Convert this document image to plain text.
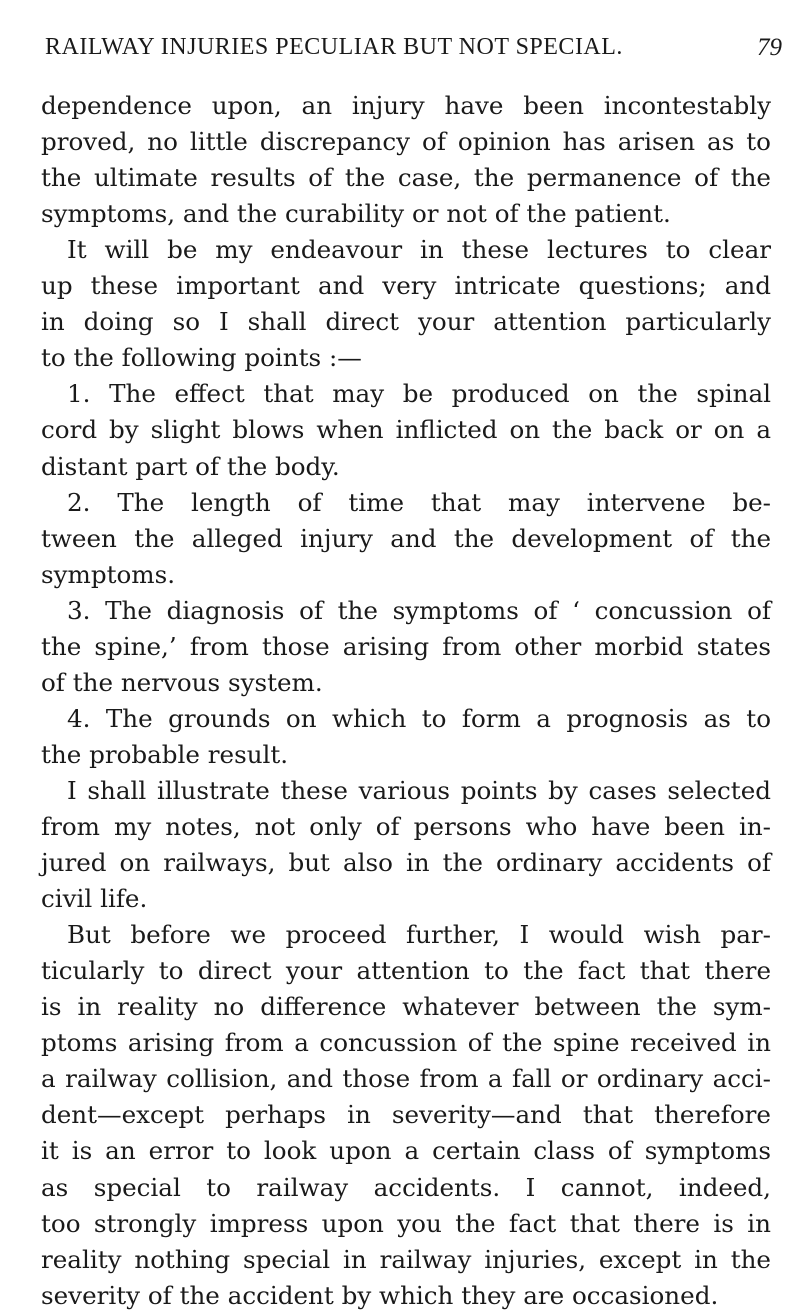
RAILWAY INJURIES PECULIAR BUT NOT SPECIAL.	79
dependence upon, an injury have been incontestably
proved, no little discrepancy of opinion has arisen as to
the ultimate results of the case, the permanence of the
symptoms, and the curability or not of the patient.
It will be my endeavour in these lectures to clear
up these important and very intricate questions; and
in doing so I shall direct your attention particularly
to the following points :—
1. The effect that may be produced on the spinal
cord by slight blows when inflicted on the back or on a
distant part of the body.
2. The length of time that may intervene be-
tween the alleged injury and the development of the
symptoms.
3. The diagnosis of the symptoms of ‘ concussion of
the spine,’ from those arising from other morbid states
of the nervous system.
4. The grounds on which to form a prognosis as to
the probable result.
I shall illustrate these various points by cases selected
from my notes, not only of persons who have been in-
jured on railways, but also in the ordinary accidents of
civil life.
But before we proceed further, I would wish par-
ticularly to direct your attention to the fact that there
is in reality no difference whatever between the sym-
ptoms arising from a concussion of the spine received in
a railway collision, and those from a fall or ordinary acci-
dent—except perhaps in severity—and that therefore
it is an error to look upon a certain class of symptoms
as special to railway accidents. I cannot, indeed,
too strongly impress upon you the fact that there is in
reality nothing special in railway injuries, except in the
severity of the accident by which they are occasioned.
